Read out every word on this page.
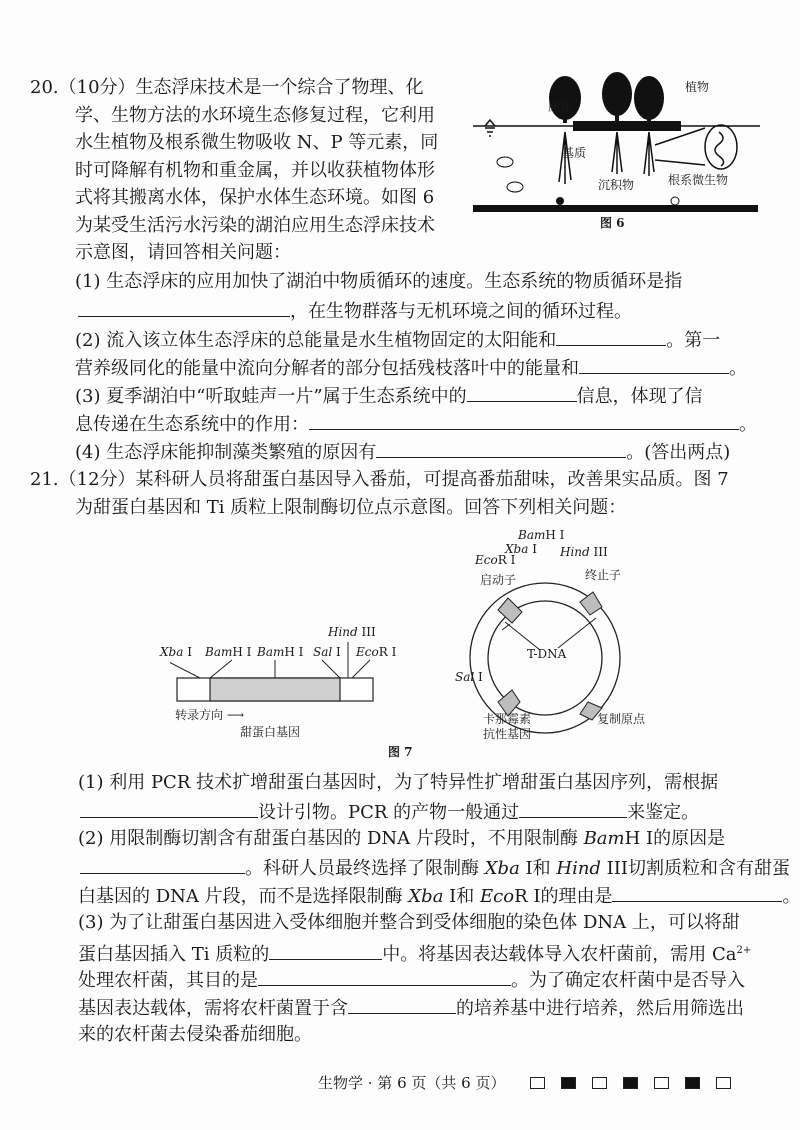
20.（10分）生态浮床技术是一个综合了物理、化
学、生物方法的水环境生态修复过程，它利用
水生植物及根系微生物吸收 N、P 等元素，同
时可降解有机物和重金属，并以收获植物体形
式将其搬离水体，保护水体生态环境。如图 6
为某受生活污水污染的湖泊应用生态浮床技术
示意图，请回答相关问题：
植物
床体
基质
根系微生物
沉积物
图 6
(1) 生态浮床的应用加快了湖泊中物质循环的速度。生态系统的物质循环是指
，在生物群落与无机环境之间的循环过程。
(2) 流入该立体生态浮床的总能量是水生植物固定的太阳能和	。第一
营养级同化的能量中流向分解者的部分包括残枝落叶中的能量和	。
(3) 夏季湖泊中“听取蛙声一片”属于生态系统中的	信息，体现了信
息传递在生态系统中的作用：	。
(4) 生态浮床能抑制藻类繁殖的原因有	。(答出两点)
21.（12分）某科研人员将甜蛋白基因导入番茄，可提高番茄甜味，改善果实品质。图 7
为甜蛋白基因和 Ti 质粒上限制酶切位点示意图。回答下列相关问题：
Xba I BamH I BamH I Sal I
Hind III
EcoR I
转录方向 ⟶
甜蛋白基因
T-DNA
BamH I
Xba I Hind III
EcoR I
启动子	终止子
Sal I
卡那霉素
抗性基因
复制原点
图 7
(1) 利用 PCR 技术扩增甜蛋白基因时，为了特异性扩增甜蛋白基因序列，需根据
设计引物。PCR 的产物一般通过	来鉴定。
(2) 用限制酶切割含有甜蛋白基因的 DNA 片段时，不用限制酶 BamH I的原因是
。科研人员最终选择了限制酶 Xba I和 Hind III切割质粒和含有甜蛋
白基因的 DNA 片段，而不是选择限制酶 Xba I和 EcoR I的理由是	。
(3) 为了让甜蛋白基因进入受体细胞并整合到受体细胞的染色体 DNA 上，可以将甜
蛋白基因插入 Ti 质粒的	中。将基因表达载体导入农杆菌前，需用 $Ca^{2+}$
处理农杆菌，其目的是	。为了确定农杆菌中是否导入
基因表达载体，需将农杆菌置于含	的培养基中进行培养，然后用筛选出
来的农杆菌去侵染番茄细胞。
生物学 · 第 6 页（共 6 页）
